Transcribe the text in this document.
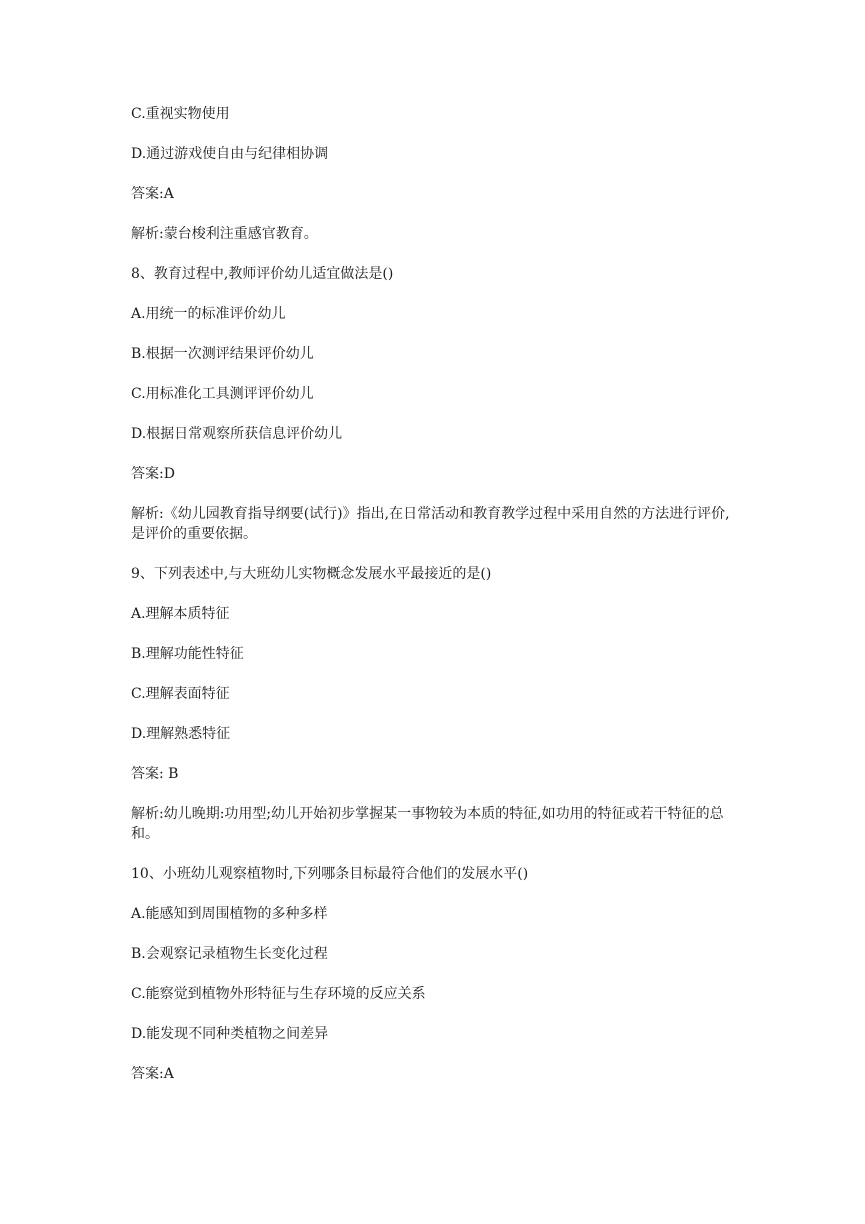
C.重视实物使用

D.通过游戏使自由与纪律相协调

答案:A

解析:蒙台梭利注重感官教育。

8、教育过程中,教师评价幼儿适宜做法是()

A.用统一的标准评价幼儿

B.根据一次测评结果评价幼儿

C.用标准化工具测评评价幼儿

D.根据日常观察所获信息评价幼儿

答案:D

解析:《幼儿园教育指导纲要(试行)》指出,在日常活动和教育教学过程中采用自然的方法进行评价,是评价的重要依据。

9、下列表述中,与大班幼儿实物概念发展水平最接近的是()

A.理解本质特征

B.理解功能性特征

C.理解表面特征

D.理解熟悉特征

答案: B

解析:幼儿晚期:功用型;幼儿开始初步掌握某一事物较为本质的特征,如功用的特征或若干特征的总和。

10、小班幼儿观察植物时,下列哪条目标最符合他们的发展水平()

A.能感知到周围植物的多种多样

B.会观察记录植物生长变化过程

C.能察觉到植物外形特征与生存环境的反应关系

D.能发现不同种类植物之间差异

答案:A
